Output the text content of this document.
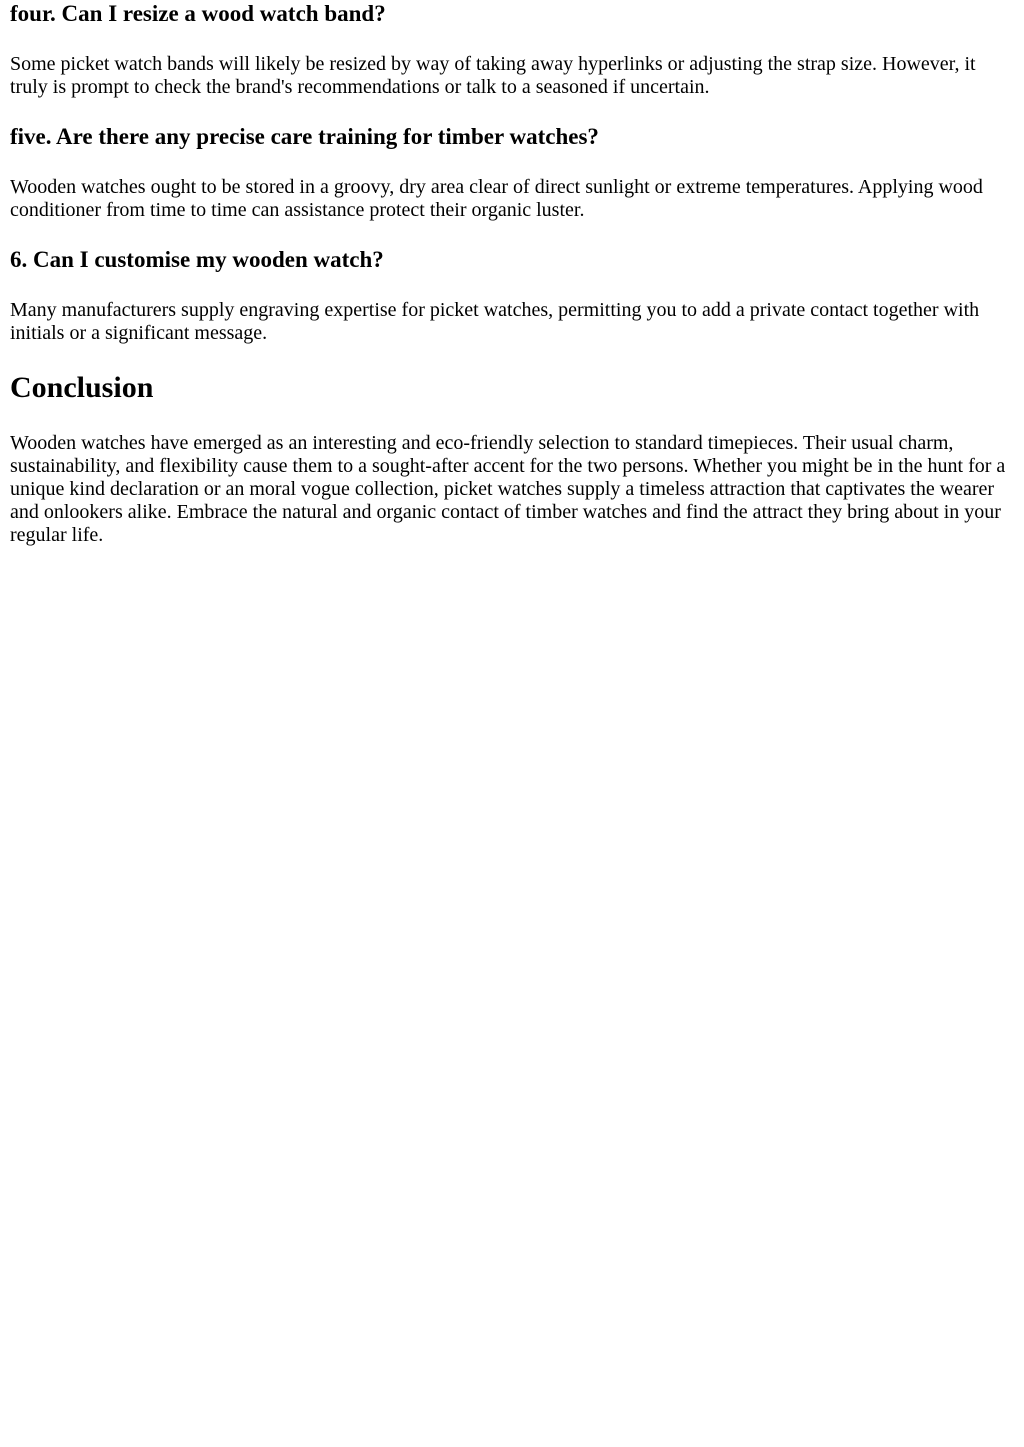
four. Can I resize a wood watch band?

Some picket watch bands will likely be resized by way of taking away hyperlinks or adjusting the strap size. However, it truly is prompt to check the brand's recommendations or talk to a seasoned if uncertain.

five. Are there any precise care training for timber watches?

Wooden watches ought to be stored in a groovy, dry area clear of direct sunlight or extreme temperatures. Applying wood conditioner from time to time can assistance protect their organic luster.

6. Can I customise my wooden watch?

Many manufacturers supply engraving expertise for picket watches, permitting you to add a private contact together with initials or a significant message.

Conclusion

Wooden watches have emerged as an interesting and eco-friendly selection to standard timepieces. Their usual charm, sustainability, and flexibility cause them to a sought-after accent for the two persons. Whether you might be in the hunt for a unique kind declaration or an moral vogue collection, picket watches supply a timeless attraction that captivates the wearer and onlookers alike. Embrace the natural and organic contact of timber watches and find the attract they bring about in your regular life.
